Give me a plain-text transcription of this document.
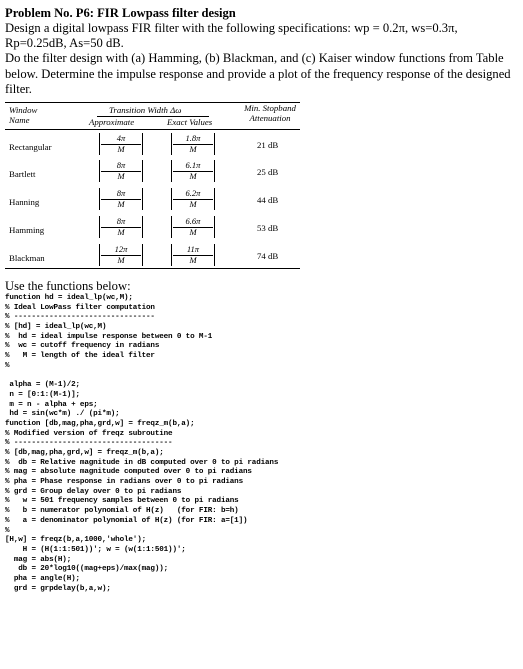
Problem No. P6: FIR Lowpass filter design

Design a digital lowpass FIR filter with the following specifications: wp = 0.2π, ws=0.3π, Rp=0.25dB, As=50 dB.

Do the filter design with (a) Hamming, (b) Blackman, and (c) Kaiser window functions from Table below. Determine the impulse response and provide a plot of the frequency response of the designed filter.

Window
Name
Transition Width Δω
Approximate	Exact Values
Min. Stopband
Attenuation
Rectangular	$\frac{4\pi}{M}$	$\frac{1.8\pi}{M}$	21 dB
Bartlett	$\frac{8\pi}{M}$	$\frac{6.1\pi}{M}$	25 dB
Hanning	$\frac{8\pi}{M}$	$\frac{6.2\pi}{M}$	44 dB
Hamming	$\frac{8\pi}{M}$	$\frac{6.6\pi}{M}$	53 dB
Blackman	$\frac{12\pi}{M}$	$\frac{11\pi}{M}$	74 dB
Use the functions below:
function hd = ideal_lp(wc,M);
% Ideal LowPass filter computation
% --------------------------------
% [hd] = ideal_lp(wc,M)
%  hd = ideal impulse response between 0 to M-1
%  wc = cutoff frequency in radians
%   M = length of the ideal filter
%
alpha = (M-1)/2;
n = [0:1:(M-1)];
m = n - alpha + eps;
hd = sin(wc*m) ./ (pi*m);
function [db,mag,pha,grd,w] = freqz_m(b,a);
% Modified version of freqz subroutine
% ------------------------------------
% [db,mag,pha,grd,w] = freqz_m(b,a);
%  db = Relative magnitude in dB computed over 0 to pi radians
% mag = absolute magnitude computed over 0 to pi radians
% pha = Phase response in radians over 0 to pi radians
% grd = Group delay over 0 to pi radians
%   w = 501 frequency samples between 0 to pi radians
%   b = numerator polynomial of H(z)   (for FIR: b=h)
%   a = denominator polynomial of H(z) (for FIR: a=[1])
%
[H,w] = freqz(b,a,1000,'whole');
H = (H(1:1:501))'; w = (w(1:1:501))';
mag = abs(H);
db = 20*log10((mag+eps)/max(mag));
pha = angle(H);
grd = grpdelay(b,a,w);
